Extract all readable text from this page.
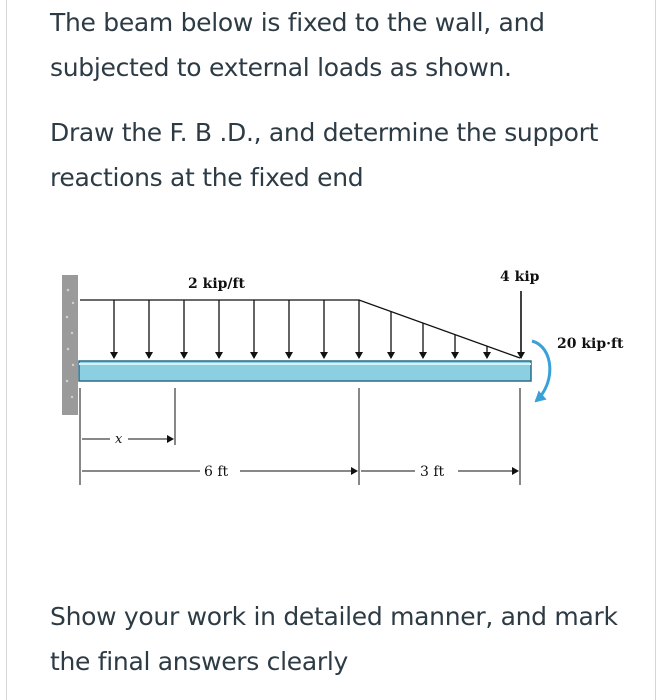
The beam below is fixed to the wall, and
subjected to external loads as shown.

Draw the F. B .D., and determine the support
reactions at the fixed end

Show your work in detailed manner, and mark
the final answers clearly

2 kip/ft	4 kip
20 kip·ft
x
6 ft	3 ft
